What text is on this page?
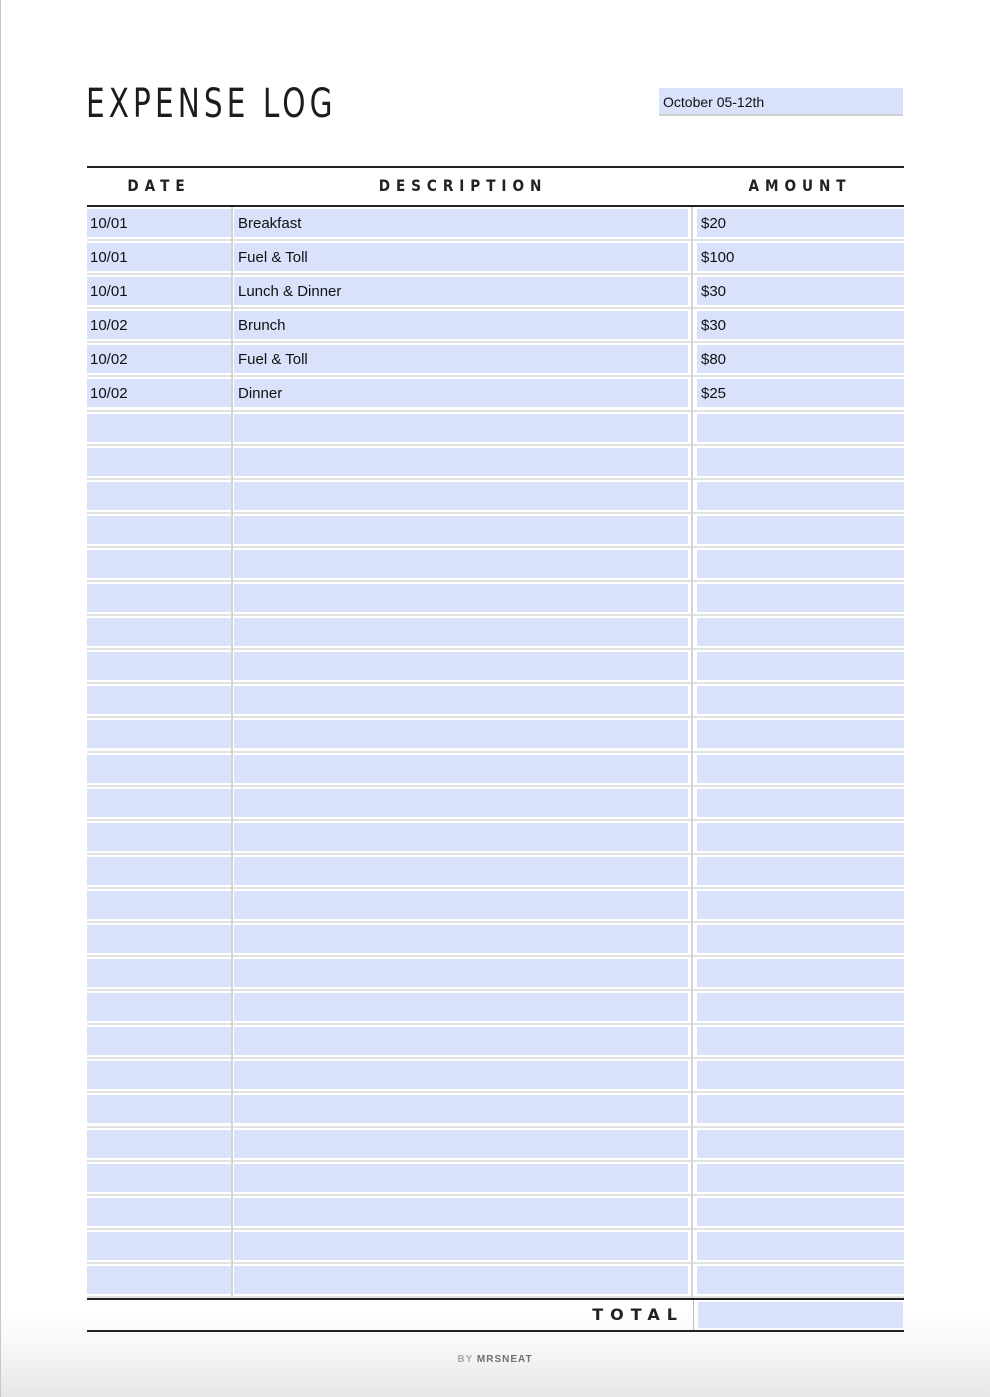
EXPENSE LOG	October 05-12th
DATE	DESCRIPTION	AMOUNT
10/01	Breakfast	$20
10/01	Fuel & Toll	$100
10/01	Lunch & Dinner	$30
10/02	Brunch	$30
10/02	Fuel & Toll	$80
10/02	Dinner	$25
TOTAL
BY MRSNEAT
